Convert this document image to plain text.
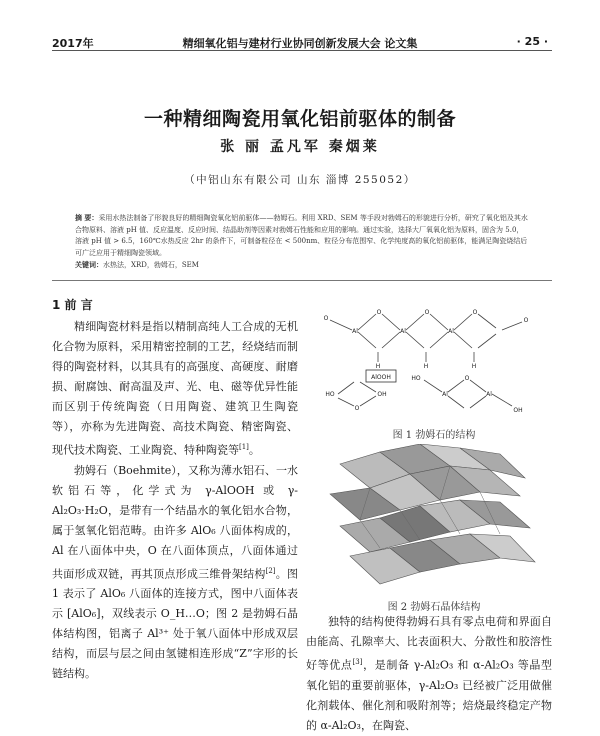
2017年	精细氧化铝与建材行业协同创新发展大会 论文集	· 25 ·
一种精细陶瓷用氧化铝前驱体的制备
张 丽 孟凡军 秦烟莱
（中铝山东有限公司 山东 淄博 255052）
摘 要：采用水热法制备了形貌良好的精细陶瓷氧化铝前驱体——勃姆石。利用 XRD、SEM 等手段对勃姆石的形貌进行分析，研究了氧化铝及其水合物原料、溶液 pH 值、反应温度、反应时间、结晶助剂等因素对勃姆石性能和应用的影响。通过实验，选择大厂氧氧化铝为原料，固含为 5.0，溶液 pH 值 > 6.5，160℃水热反应 2hr 的条件下，可制备粒径在 < 500nm、粒径分布范围窄、化学纯度高的氧化铝前驱体，能满足陶瓷烧结后可广泛应用于精细陶瓷领域。
关键词：水热法，XRD，勃姆石，SEM
1 前 言

精细陶瓷材料是指以精制高纯人工合成的无机化合物为原料，采用精密控制的工艺，经烧结而制得的陶瓷材料，以其具有的高强度、高硬度、耐磨损、耐腐蚀、耐高温及声、光、电、磁等优异性能而区别于传统陶瓷（日用陶瓷、建筑卫生陶瓷等），亦称为先进陶瓷、高技术陶瓷、精密陶瓷、现代技术陶瓷、工业陶瓷、特种陶瓷等[1]。

勃姆石（Boehmite），又称为薄水铝石、一水软铝石等，化学式为 γ-AlOOH 或 γ-Al₂O₃·H₂O，是带有一个结晶水的氧化铝水合物，属于氢氧化铝范畴。由许多 AlO₆ 八面体构成的，Al 在八面体中央，O 在八面体顶点，八面体通过共面形成双链，再其顶点形成三维骨架结构[2]。图 1 表示了 AlO₆ 八面体的连接方式，图中八面体表示 [AlO₆]，双线表示 O_H…O；图 2 是勃姆石晶体结构图，铝离子 Al³⁺ 处于氧八面体中形成双层结构，而层与层之间由氢键相连形成“Z”字形的长链结构。

O
Al
O
Al
O
Al
O
O
H	H	H
HO
Al
O
Al
OH
HO
O
OH
AlOOH
图 1 勃姆石的结构
图 2 勃姆石晶体结构

独特的结构使得勃姆石具有零点电荷和界面自由能高、孔隙率大、比表面积大、分散性和胶溶性好等优点[3]，是制备 γ-Al₂O₃ 和 α-Al₂O₃ 等晶型氧化铝的重要前驱体，γ-Al₂O₃ 已经被广泛用做催化剂载体、催化剂和吸附剂等；焙烧最终稳定产物的 α-Al₂O₃，在陶瓷、
